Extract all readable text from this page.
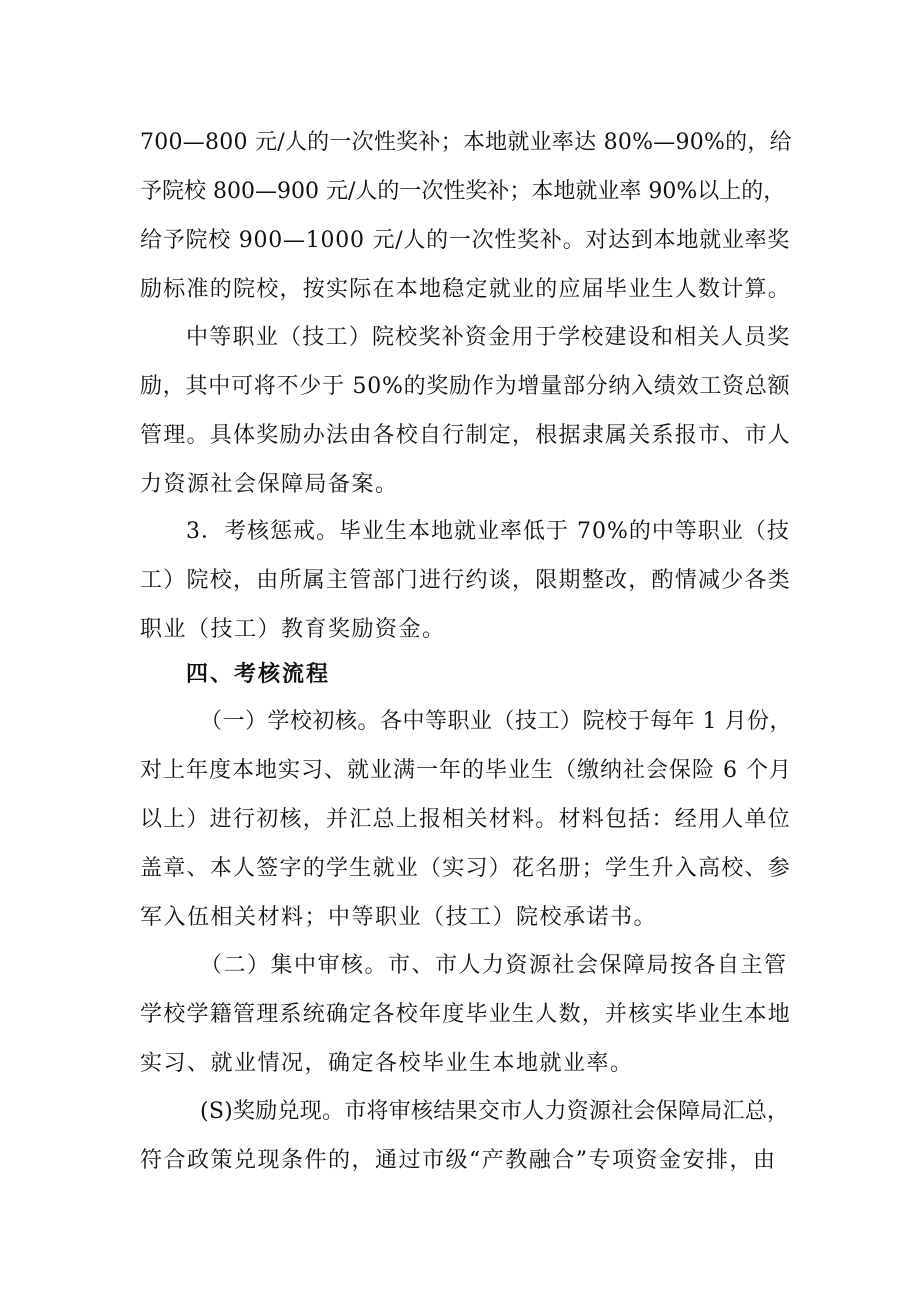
700—800 元/人的一次性奖补；本地就业率达 80%—90%的，给
予院校 800—900 元/人的一次性奖补；本地就业率 90%以上的，
给予院校 900—1000 元/人的一次性奖补。对达到本地就业率奖
励标准的院校，按实际在本地稳定就业的应届毕业生人数计算。
中等职业（技工）院校奖补资金用于学校建设和相关人员奖
励，其中可将不少于 50%的奖励作为增量部分纳入绩效工资总额
管理。具体奖励办法由各校自行制定，根据隶属关系报市、市人
力资源社会保障局备案。
3．考核惩戒。毕业生本地就业率低于 70%的中等职业（技
工）院校，由所属主管部门进行约谈，限期整改，酌情减少各类
职业（技工）教育奖励资金。
四、考核流程
（一）学校初核。各中等职业（技工）院校于每年 1 月份，
对上年度本地实习、就业满一年的毕业生（缴纳社会保险 6 个月
以上）进行初核，并汇总上报相关材料。材料包括：经用人单位
盖章、本人签字的学生就业（实习）花名册；学生升入高校、参
军入伍相关材料；中等职业（技工）院校承诺书。
（二）集中审核。市、市人力资源社会保障局按各自主管
学校学籍管理系统确定各校年度毕业生人数，并核实毕业生本地
实习、就业情况，确定各校毕业生本地就业率。
(S)奖励兑现。市将审核结果交市人力资源社会保障局汇总，
符合政策兑现条件的，通过市级“产教融合”专项资金安排，由
